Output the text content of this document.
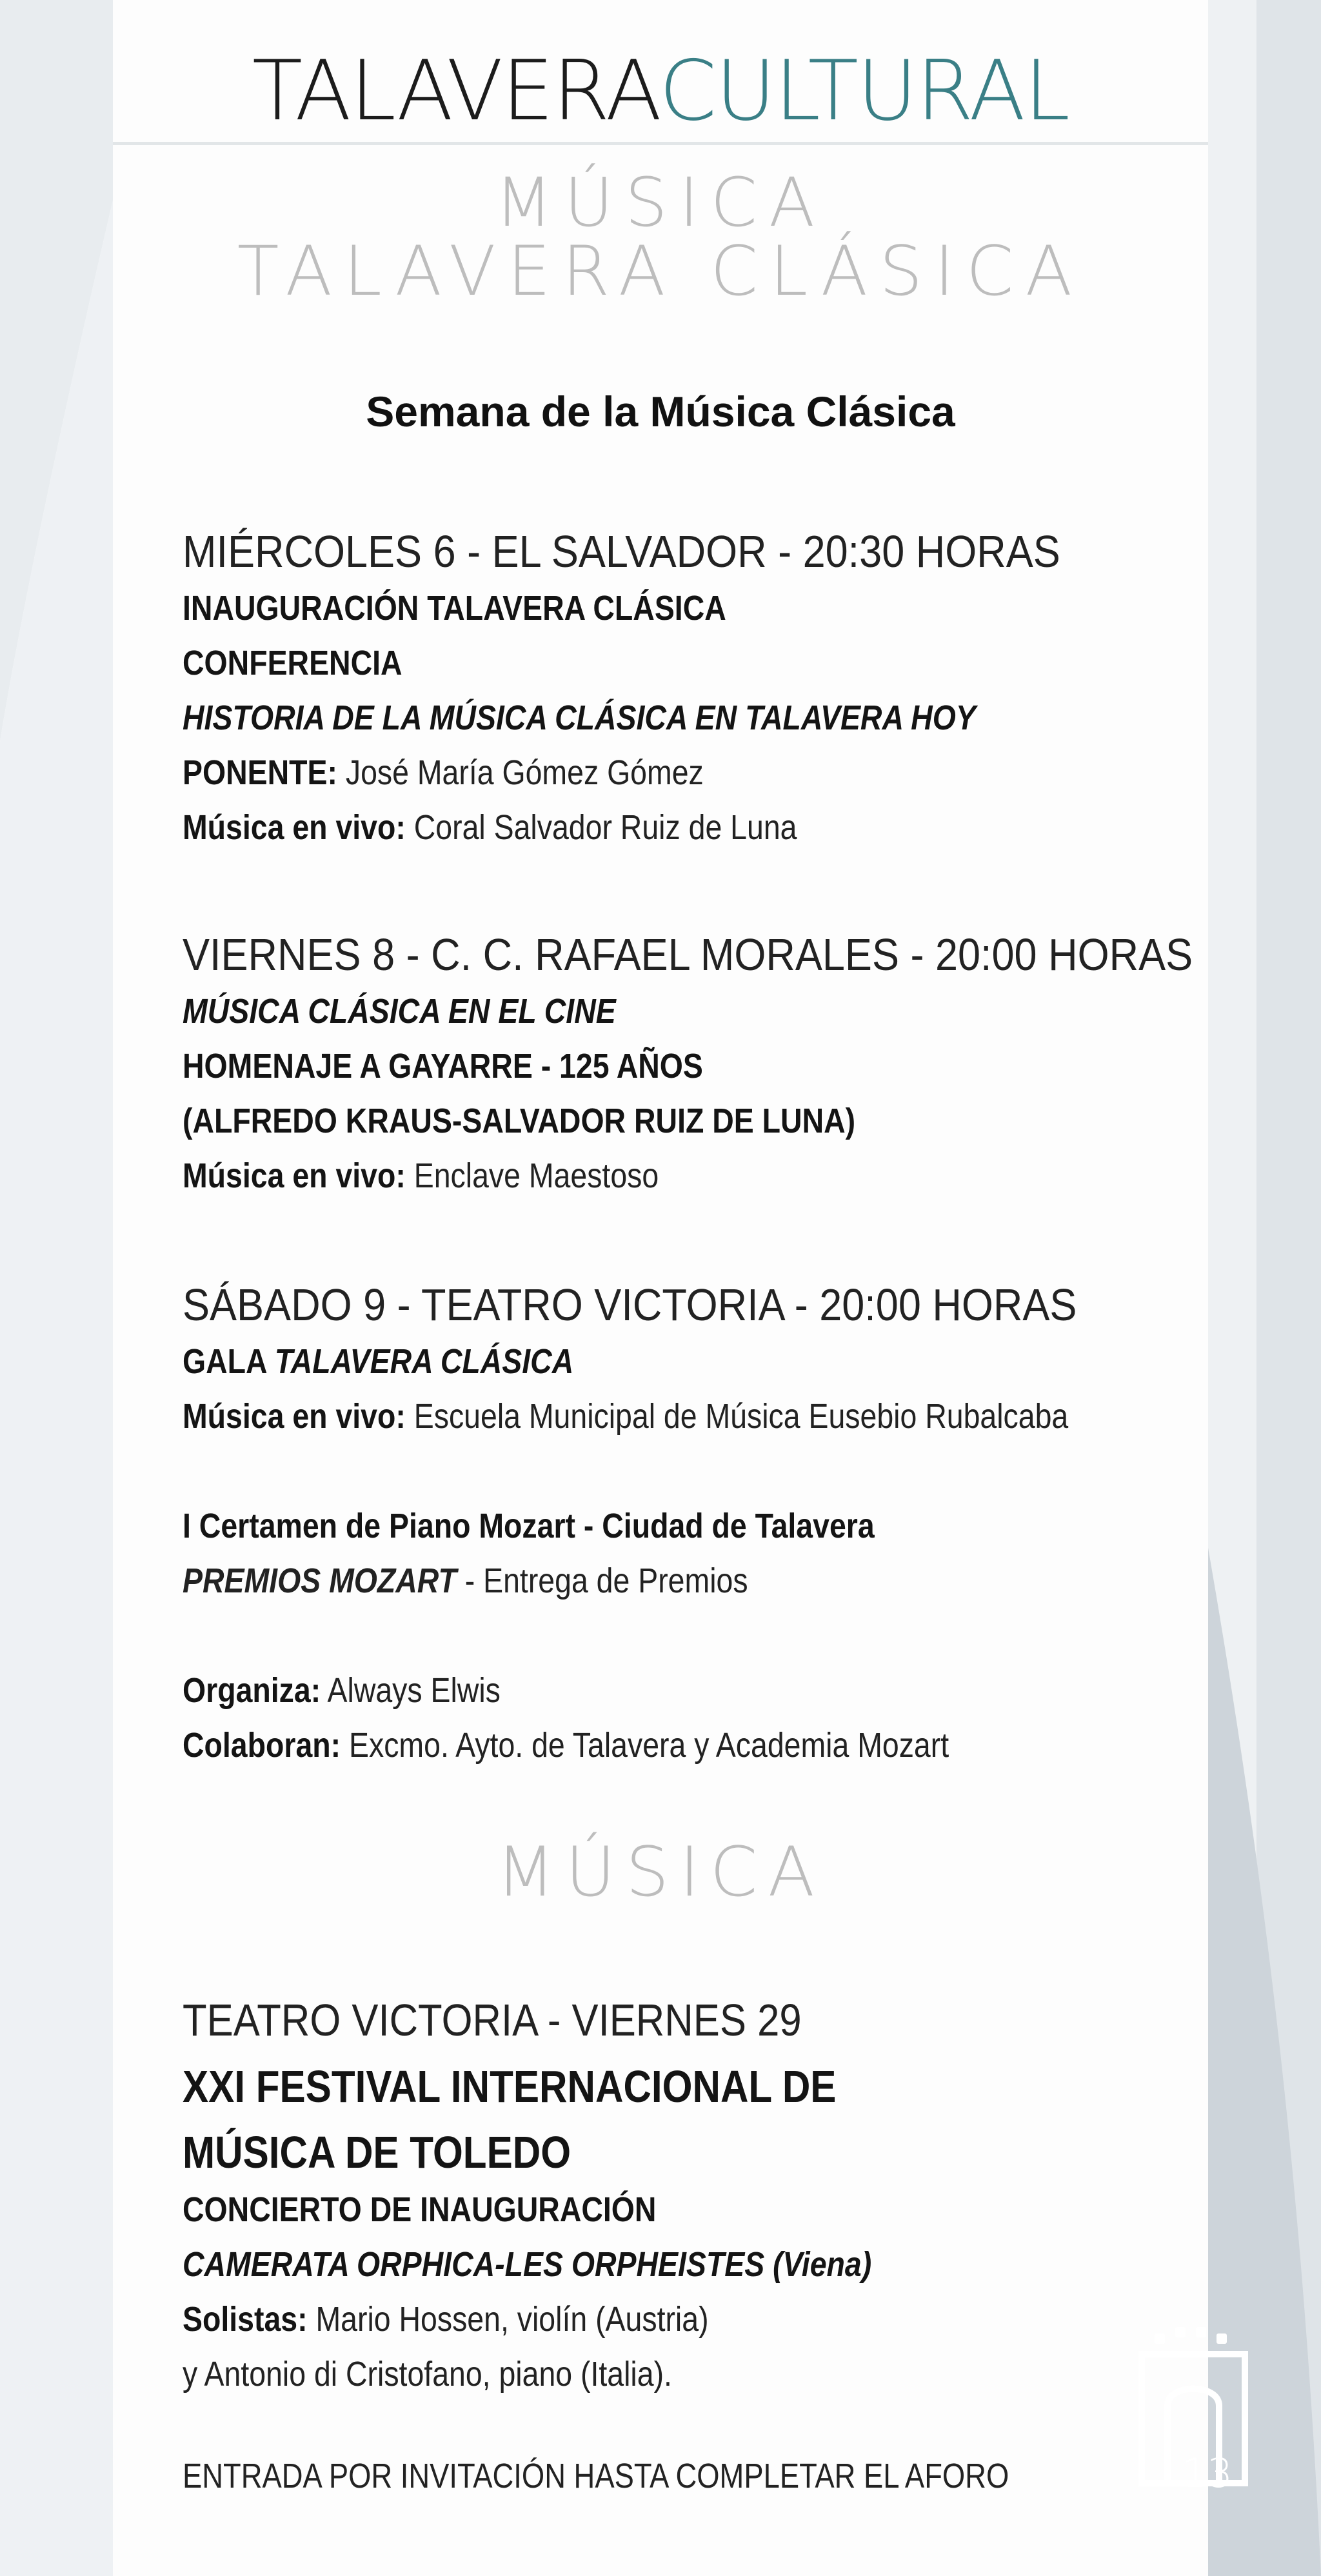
TALAVERACULTURAL
MÚSICA
TALAVERA CLÁSICA
Semana de la Música Clásica
MIÉRCOLES 6 - EL SALVADOR - 20:30 HORAS
INAUGURACIÓN TALAVERA CLÁSICA
CONFERENCIA
HISTORIA DE LA MÚSICA CLÁSICA EN TALAVERA HOY
PONENTE: José María Gómez Gómez
Música en vivo: Coral Salvador Ruiz de Luna
VIERNES 8 - C. C. RAFAEL MORALES - 20:00 HORAS
MÚSICA CLÁSICA EN EL CINE
HOMENAJE A GAYARRE - 125 AÑOS
(ALFREDO KRAUS-SALVADOR RUIZ DE LUNA)
Música en vivo: Enclave Maestoso
SÁBADO 9 - TEATRO VICTORIA - 20:00 HORAS
GALA TALAVERA CLÁSICA
Música en vivo: Escuela Municipal de Música Eusebio Rubalcaba
I Certamen de Piano Mozart - Ciudad de Talavera
PREMIOS MOZART - Entrega de Premios
Organiza: Always Elwis
Colaboran: Excmo. Ayto. de Talavera y Academia Mozart
MÚSICA
TEATRO VICTORIA - VIERNES 29
XXI FESTIVAL INTERNACIONAL DE
MÚSICA DE TOLEDO
CONCIERTO DE INAUGURACIÓN
CAMERATA ORPHICA-LES ORPHEISTES (Viena)
Solistas: Mario Hossen, violín (Austria)
y Antonio di Cristofano, piano (Italia).
ENTRADA POR INVITACIÓN HASTA COMPLETAR EL AFORO	13
